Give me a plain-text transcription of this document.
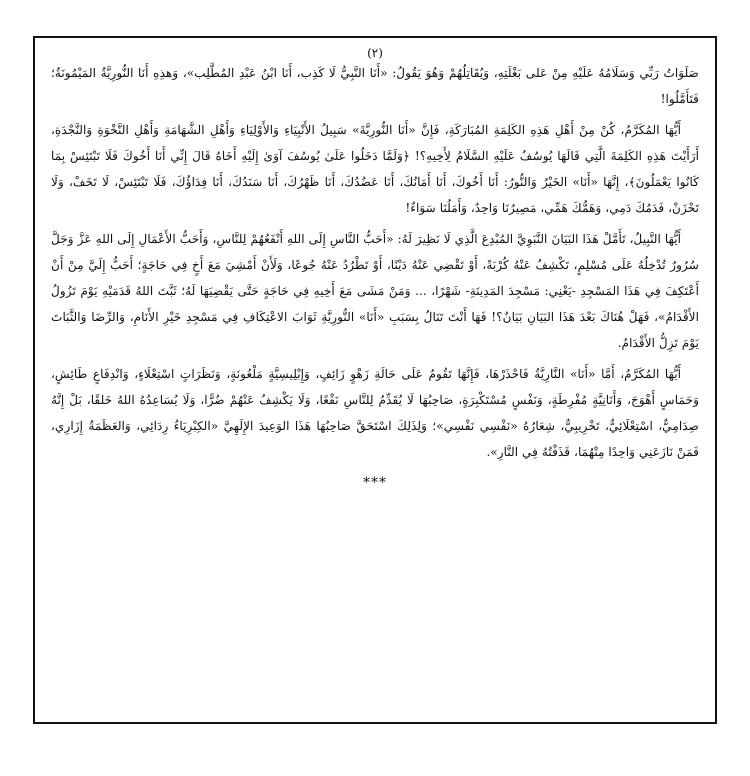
(٢)

صَلَوَاتُ رَبِّي وَسَلَامُهُ عَلَيْهِ مِنْ عَلى بَغْلَتِهِ، وَيُقَاتِلُهُمْ وَهُوَ يَقُولُ: «أَنَا النَّبِيُّ لَا كَذِب، أَنَا ابْنُ عَبْدِ المُطَّلِب»، وَهذِهِ أَنَا النُّورِيَّةُ المَيْمُونَةُ؛ فَتَأَمَّلُوا!

أَيُّهَا المُكَرَّمُ، كُنْ مِنْ أَهْلِ هَذِهِ الكَلِمَةِ المُبَارَكَةِ، فَإِنَّ «أَنَا النُّورِيَّةَ» سَبِيلُ الأَنْبِيَاءِ وَالأَوْلِيَاءِ وَأَهْلِ الشَّهَامَةِ وَأَهْلِ النَّخْوَةِ وَالنَّجْدَةِ، أَرَأَيْتَ هَذِهِ الكَلِمَةَ الَّتِي قَالَهَا يُوسُفُ عَلَيْهِ السَّلَامُ لِأَخِيهِ؟! ﴿وَلَمَّا دَخَلُوا عَلَىٰ يُوسُفَ آوَىٰ إِلَيْهِ أَخَاهُ قَالَ إِنِّي أَنَا أَخُوكَ فَلَا تَبْتَئِسْ بِمَا كَانُوا يَعْمَلُونَ﴾، إِنَّهَا «أَنَا» الخَيْرُ وَالنُّورُ: أَنَا أَخُوكَ، أَنَا أَمَانُكَ، أَنَا عَضُدُكَ، أَنَا ظَهْرُكَ، أَنَا سَنَدُكَ، أَنَا فِدَاؤُكَ، فَلَا تَبْتَئِسْ، لَا تَخَفْ، وَلَا تَحْزَنْ، فَدَمُكَ دَمِي، وَهَمُّكَ هَمِّي، مَصِيرُنَا وَاحِدٌ، وَأَمَلُنَا سَوَاءٌ!

أَيُّهَا النَّبِيلُ، تَأَمَّلْ هَذَا البَيَانَ النَّبَوِيَّ المُبْدِعَ الَّذِي لَا نَظِيرَ لَهُ: «أَحَبُّ النَّاسِ إِلَى اللهِ أَنْفَعُهُمْ لِلنَّاسِ، وَأَحَبُّ الأَعْمَالِ إِلَى اللهِ عَزَّ وَجَلَّ سُرُورٌ تُدْخِلُهُ عَلَى مُسْلِمٍ، تَكْشِفُ عَنْهُ كُرْبَةً، أَوْ تَقْضِي عَنْهُ دَيْنًا، أَوْ تَطْرُدُ عَنْهُ جُوعًا، وَلَأَنْ أَمْشِيَ مَعَ أَخٍ فِي حَاجَةٍ؛ أَحَبُّ إِلَيَّ مِنْ أَنْ أَعْتَكِفَ فِي هَذَا المَسْجِدِ -يَعْنِي: مَسْجِدَ المَدِينَةِ- شَهْرًا، ... وَمَنْ مَشَى مَعَ أَخِيهِ فِي حَاجَةٍ حَتَّى يَقْضِيَهَا لَهُ؛ ثَبَّتَ اللهُ قَدَمَيْهِ يَوْمَ تَزُولُ الأَقْدَامُ»، فَهَلْ هُنَاكَ بَعْدَ هَذَا البَيَانِ بَيَانٌ؟! فَهَا أَنْتَ تَنَالُ بِسَبَبِ «أَنَا» النُّورِيَّةِ ثَوَابَ الاعْتِكَافِ فِي مَسْجِدِ خَيْرِ الأَنَامِ، وَالرِّضَا وَالثَّبَاتَ يَوْمَ تَزِلُّ الأَقْدَامُ.

أَيُّهَا المُكَرَّمُ، أَمَّا «أَنَا» النَّارِيَّةُ فَاحْذَرْهَا، فَإِنَّهَا تَقُومُ عَلَى حَالَةِ زَهْوٍ زَائِفٍ، وَإِبْلِيسِيَّةٍ مَلْعُونَةٍ، وَنَظَرَاتٍ اسْتِعْلَاءٍ، وَانْدِفَاعٍ طَائِشٍ، وَحَمَاسٍ أَهْوَجَ، وَأَنَانِيَّةٍ مُفْرِطَةٍ، وَنَفْسٍ مُسْتَكْبِرَةٍ، صَاحِبُهَا لَا يُقَدِّمُ لِلنَّاسِ نَفْعًا، وَلَا يَكْشِفُ عَنْهُمْ ضُرًّا، وَلَا يُسَاعِدُهُ اللهُ خَلقًا، بَلْ إِنَّهُ صِدَامِيٌّ، اسْتِعْلَائِيٌّ، تَخْرِيبِيٌّ، شِعَارُهُ «نَفْسِي نَفْسِي»؛ وَلِذَلِكَ اسْتَحَقَّ صَاحِبُهَا هَذَا الوَعِيدَ الإِلَهِيَّ «الكِبْرِيَاءُ رِدَائِي، وَالعَظَمَةُ إِزَارِي، فَمَنْ نَازَعَنِي وَاحِدًا مِنْهُمَا، قَذَفْتُهُ فِي النَّارِ».

***
